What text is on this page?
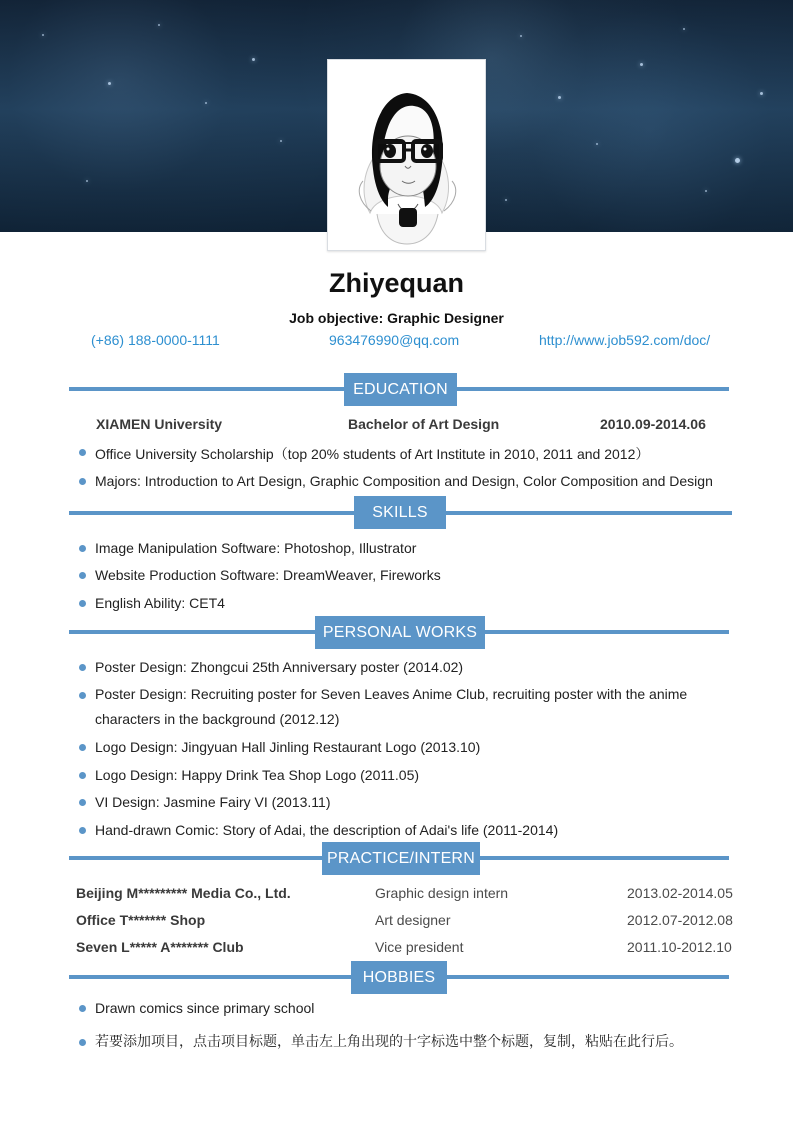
Zhiyequan
Job objective: Graphic Designer
(+86) 188-0000-1111	963476990@qq.com	http://www.job592.com/doc/
EDUCATION
XIAMEN University	Bachelor of Art Design	2010.09-2014.06
Office University Scholarship（top 20% students of Art Institute in 2010, 2011 and 2012）
Majors: Introduction to Art Design, Graphic Composition and Design, Color Composition and Design
SKILLS
Image Manipulation Software: Photoshop, Illustrator
Website Production Software: DreamWeaver, Fireworks
English Ability: CET4
PERSONAL WORKS
Poster Design: Zhongcui 25th Anniversary poster (2014.02)
Poster Design: Recruiting poster for Seven Leaves Anime Club, recruiting poster with the anime characters in the background (2012.12)
Logo Design: Jingyuan Hall Jinling Restaurant Logo (2013.10)
Logo Design: Happy Drink Tea Shop Logo (2011.05)
VI Design: Jasmine Fairy VI (2013.11)
Hand-drawn Comic: Story of Adai, the description of Adai's life (2011-2014)
PRACTICE/INTERN
Beijing M********* Media Co., Ltd.	Graphic design intern	2013.02-2014.05
Office T******* Shop	Art designer	2012.07-2012.08
Seven L***** A******* Club	Vice president	2011.10-2012.10
HOBBIES
Drawn comics since primary school
若要添加项目，点击项目标题，单击左上角出现的十字标选中整个标题，复制，粘贴在此行后。
